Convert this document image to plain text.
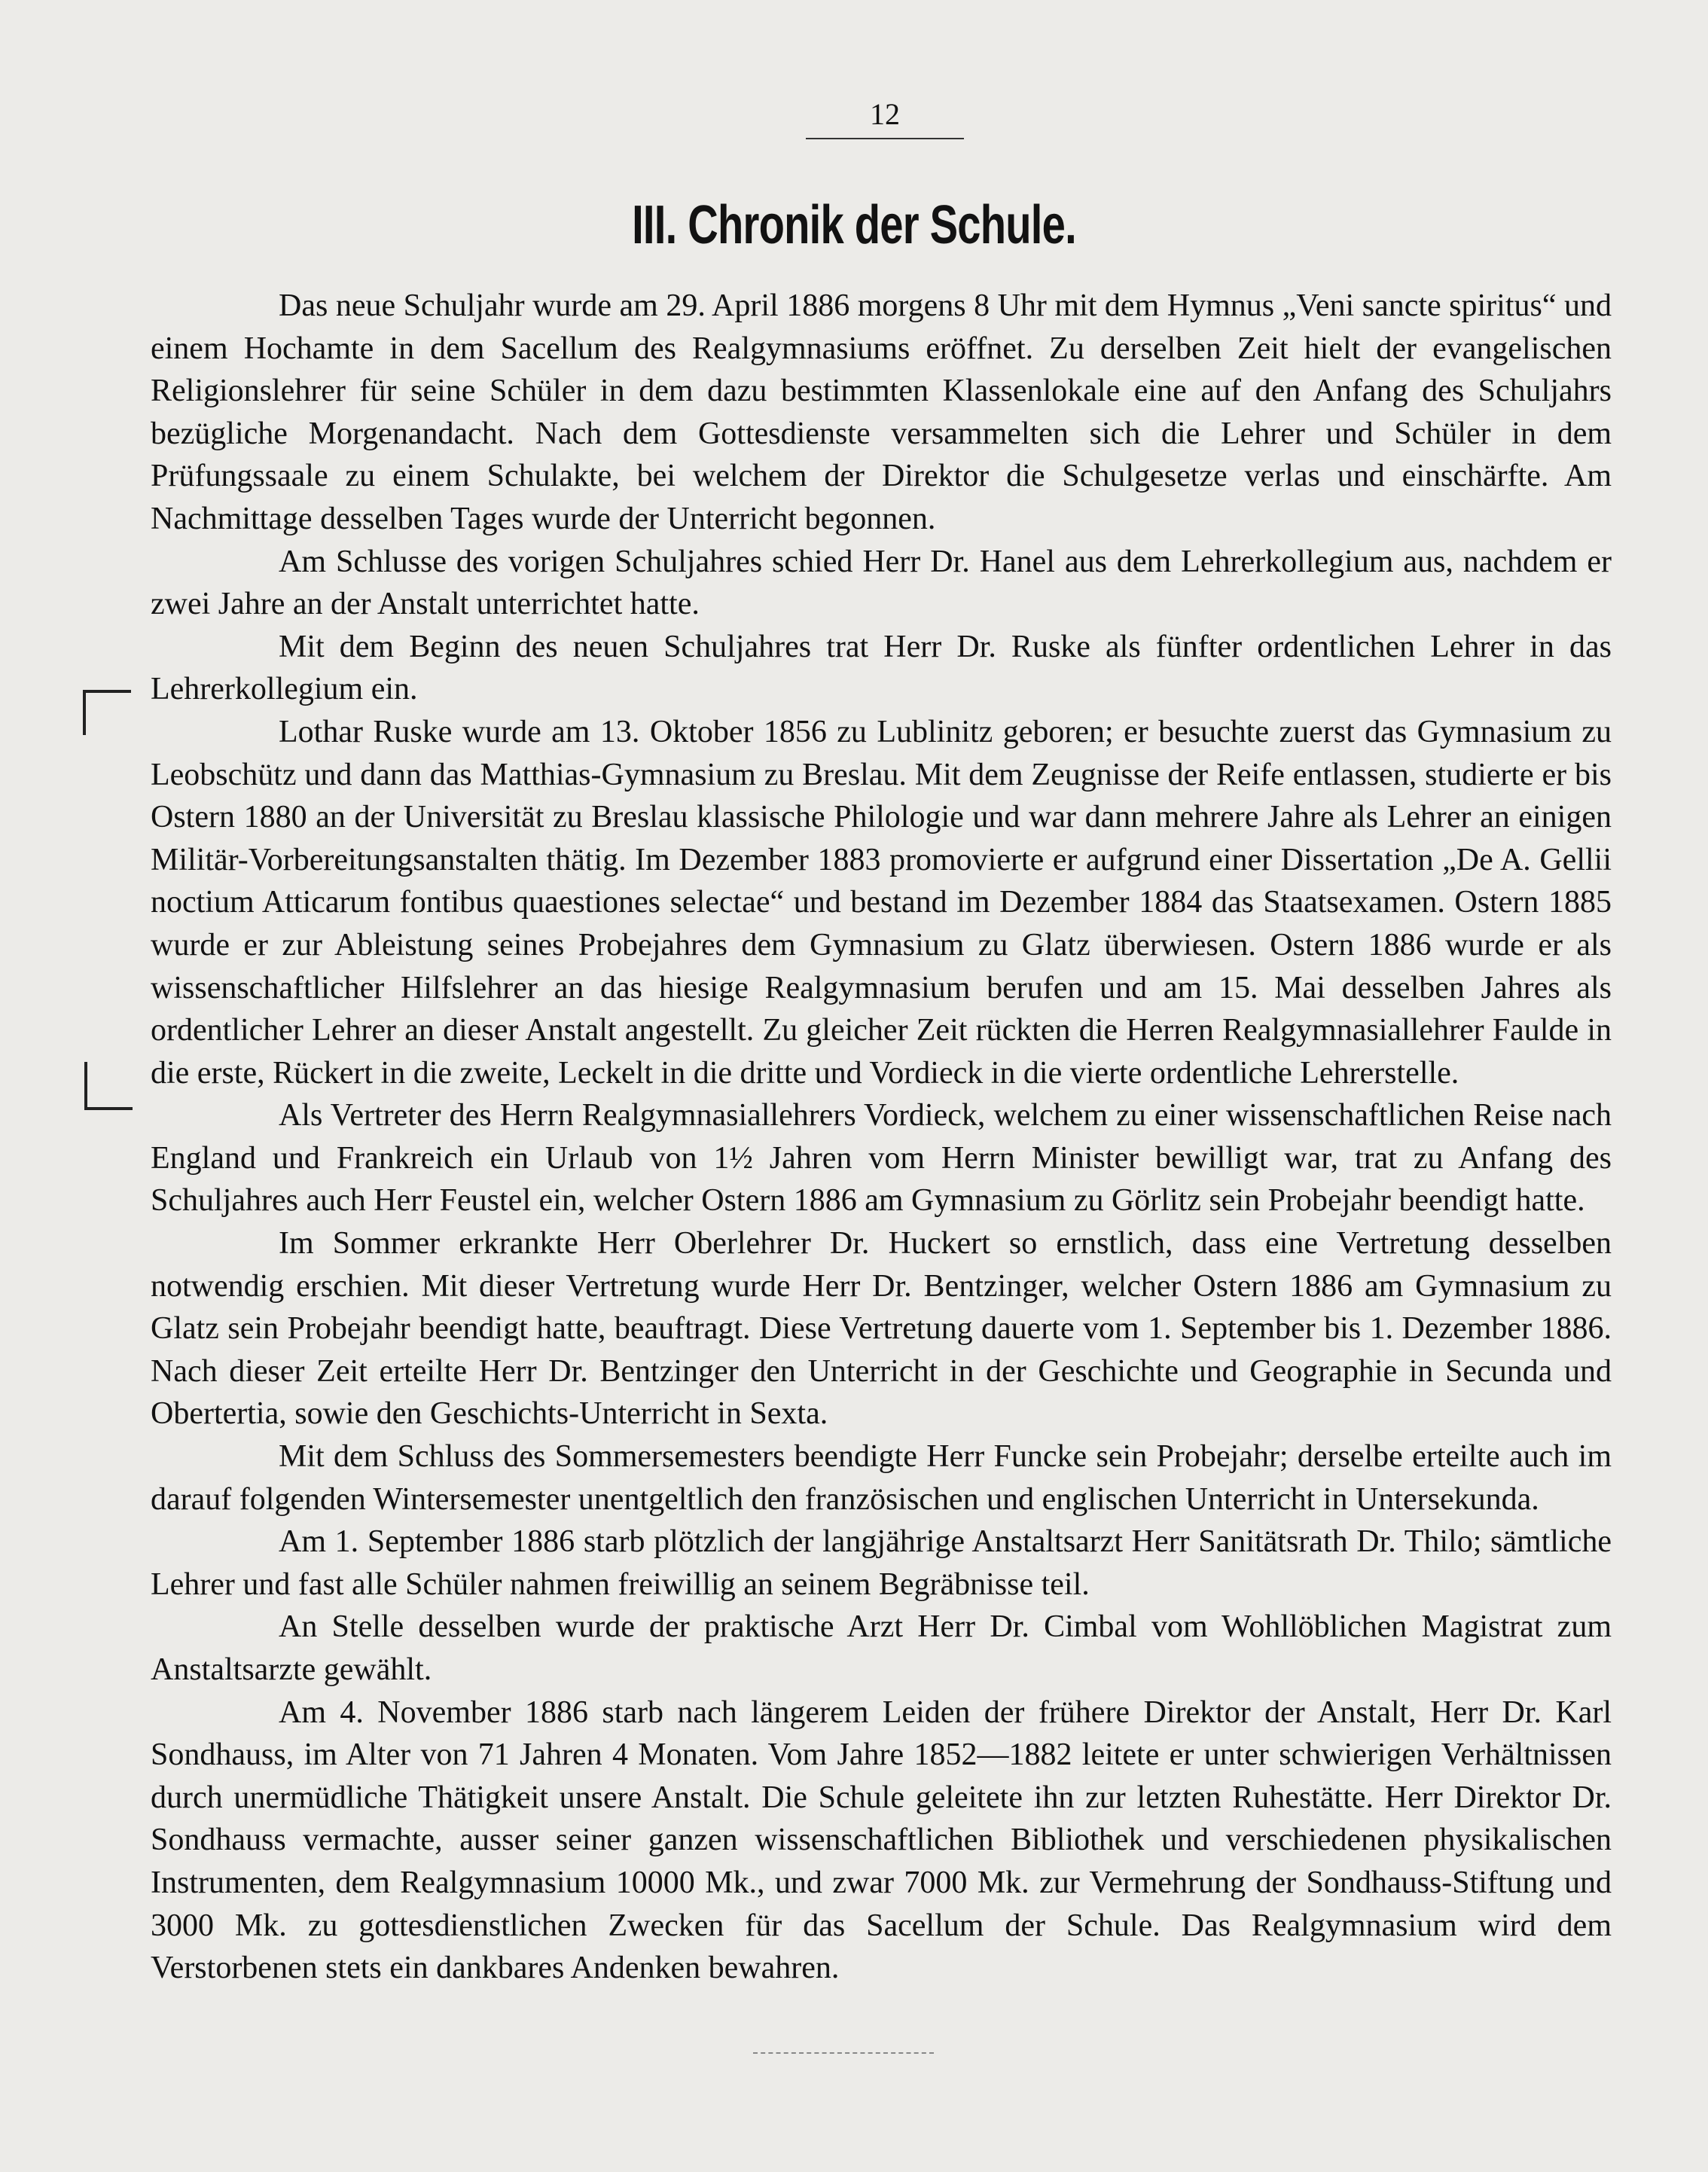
12
III. Chronik der Schule.

Das neue Schuljahr wurde am 29. April 1886 morgens 8 Uhr mit dem Hymnus „Veni sancte spiritus“ und einem Hochamte in dem Sacellum des Realgymnasiums eröffnet. Zu derselben Zeit hielt der evangelischen Religionslehrer für seine Schüler in dem dazu bestimmten Klassenlokale eine auf den Anfang des Schuljahrs bezügliche Morgenandacht. Nach dem Gottesdienste versammelten sich die Lehrer und Schüler in dem Prüfungssaale zu einem Schulakte, bei welchem der Direktor die Schulgesetze verlas und einschärfte. Am Nachmittage desselben Tages wurde der Unterricht begonnen.

Am Schlusse des vorigen Schuljahres schied Herr Dr. Hanel aus dem Lehrerkollegium aus, nachdem er zwei Jahre an der Anstalt unterrichtet hatte.

Mit dem Beginn des neuen Schuljahres trat Herr Dr. Ruske als fünfter ordentlichen Lehrer in das Lehrerkollegium ein.

Lothar Ruske wurde am 13. Oktober 1856 zu Lublinitz geboren; er besuchte zuerst das Gymnasium zu Leobschütz und dann das Matthias-Gymnasium zu Breslau. Mit dem Zeugnisse der Reife entlassen, studierte er bis Ostern 1880 an der Universität zu Breslau klassische Philologie und war dann mehrere Jahre als Lehrer an einigen Militär-Vorbereitungsanstalten thätig. Im Dezember 1883 promovierte er aufgrund einer Dissertation „De A. Gellii noctium Atticarum fontibus quaestiones selectae“ und bestand im Dezember 1884 das Staatsexamen. Ostern 1885 wurde er zur Ableistung seines Probejahres dem Gymnasium zu Glatz überwiesen. Ostern 1886 wurde er als wissenschaftlicher Hilfslehrer an das hiesige Realgymnasium berufen und am 15. Mai desselben Jahres als ordentlicher Lehrer an dieser Anstalt angestellt. Zu gleicher Zeit rückten die Herren Realgymnasiallehrer Faulde in die erste, Rückert in die zweite, Leckelt in die dritte und Vordieck in die vierte ordentliche Lehrerstelle.

Als Vertreter des Herrn Realgymnasiallehrers Vordieck, welchem zu einer wissenschaftlichen Reise nach England und Frankreich ein Urlaub von 1½ Jahren vom Herrn Minister bewilligt war, trat zu Anfang des Schuljahres auch Herr Feustel ein, welcher Ostern 1886 am Gymnasium zu Görlitz sein Probejahr beendigt hatte.

Im Sommer erkrankte Herr Oberlehrer Dr. Huckert so ernstlich, dass eine Vertretung desselben notwendig erschien. Mit dieser Vertretung wurde Herr Dr. Bentzinger, welcher Ostern 1886 am Gymnasium zu Glatz sein Probejahr beendigt hatte, beauftragt. Diese Vertretung dauerte vom 1. September bis 1. Dezember 1886. Nach dieser Zeit erteilte Herr Dr. Bentzinger den Unterricht in der Geschichte und Geographie in Secunda und Obertertia, sowie den Geschichts-Unterricht in Sexta.

Mit dem Schluss des Sommersemesters beendigte Herr Funcke sein Probejahr; derselbe erteilte auch im darauf folgenden Wintersemester unentgeltlich den französischen und englischen Unterricht in Untersekunda.

Am 1. September 1886 starb plötzlich der langjährige Anstaltsarzt Herr Sanitätsrath Dr. Thilo; sämtliche Lehrer und fast alle Schüler nahmen freiwillig an seinem Begräbnisse teil.

An Stelle desselben wurde der praktische Arzt Herr Dr. Cimbal vom Wohllöblichen Magistrat zum Anstaltsarzte gewählt.

Am 4. November 1886 starb nach längerem Leiden der frühere Direktor der Anstalt, Herr Dr. Karl Sondhauss, im Alter von 71 Jahren 4 Monaten. Vom Jahre 1852—1882 leitete er unter schwierigen Verhältnissen durch unermüdliche Thätigkeit unsere Anstalt. Die Schule geleitete ihn zur letzten Ruhestätte. Herr Direktor Dr. Sondhauss vermachte, ausser seiner ganzen wissenschaftlichen Bibliothek und verschiedenen physikalischen Instrumenten, dem Realgymnasium 10000 Mk., und zwar 7000 Mk. zur Vermehrung der Sondhauss-Stiftung und 3000 Mk. zu gottesdienstlichen Zwecken für das Sacellum der Schule. Das Realgymnasium wird dem Verstorbenen stets ein dankbares Andenken bewahren.
